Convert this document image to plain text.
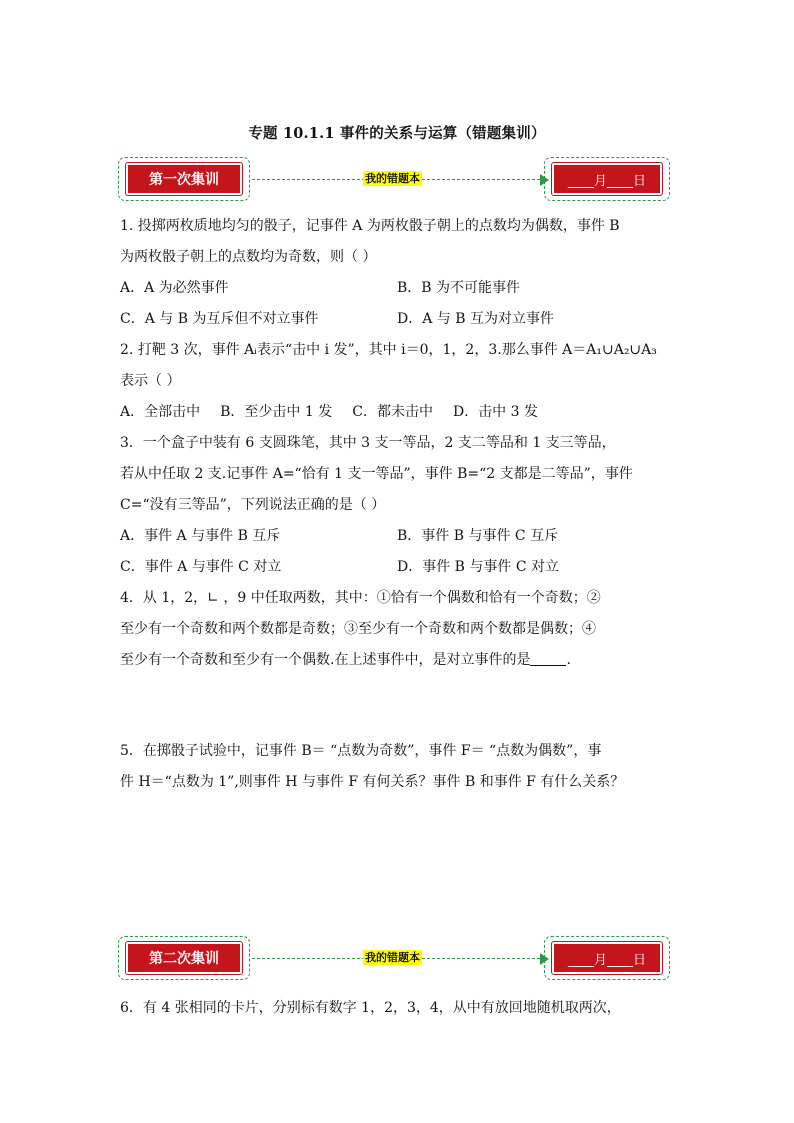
专题 10.1.1 事件的关系与运算（错题集训）
第一次集训	我的错题本	____月____日

1. 投掷两枚质地均匀的骰子，记事件 A 为两枚骰子朝上的点数均为偶数，事件 B

为两枚骰子朝上的点数均为奇数，则（ ）

A．A 为必然事件	B．B 为不可能事件
C．A 与 B 为互斥但不对立事件	D．A 与 B 互为对立事件

2. 打靶 3 次，事件 Aᵢ表示“击中 i 发”，其中 i＝0，1，2，3.那么事件 A＝A₁∪A₂∪A₃

表示（ ）

A．全部击中 B．至少击中 1 发 C．都未击中 D．击中 3 发

3．一个盒子中装有 6 支圆珠笔，其中 3 支一等品，2 支二等品和 1 支三等品，

若从中任取 2 支.记事件 A=“恰有 1 支一等品”，事件 B=“2 支都是二等品”，事件

C=“没有三等品”，下列说法正确的是（ ）

A．事件 A 与事件 B 互斥	B．事件 B 与事件 C 互斥
C．事件 A 与事件 C 对立	D．事件 B 与事件 C 对立

4．从 1，2，∟ ，9 中任取两数，其中：①恰有一个偶数和恰有一个奇数；②

至少有一个奇数和两个数都是奇数；③至少有一个奇数和两个数都是偶数；④

至少有一个奇数和至少有一个偶数.在上述事件中，是对立事件的是	.

5．在掷骰子试验中，记事件 B＝ “点数为奇数”，事件 F＝ “点数为偶数”，事

件 H＝“点数为 1”,则事件 H 与事件 F 有何关系？事件 B 和事件 F 有什么关系？

第二次集训	我的错题本	____月____日

6．有 4 张相同的卡片，分别标有数字 1，2，3，4，从中有放回地随机取两次，
